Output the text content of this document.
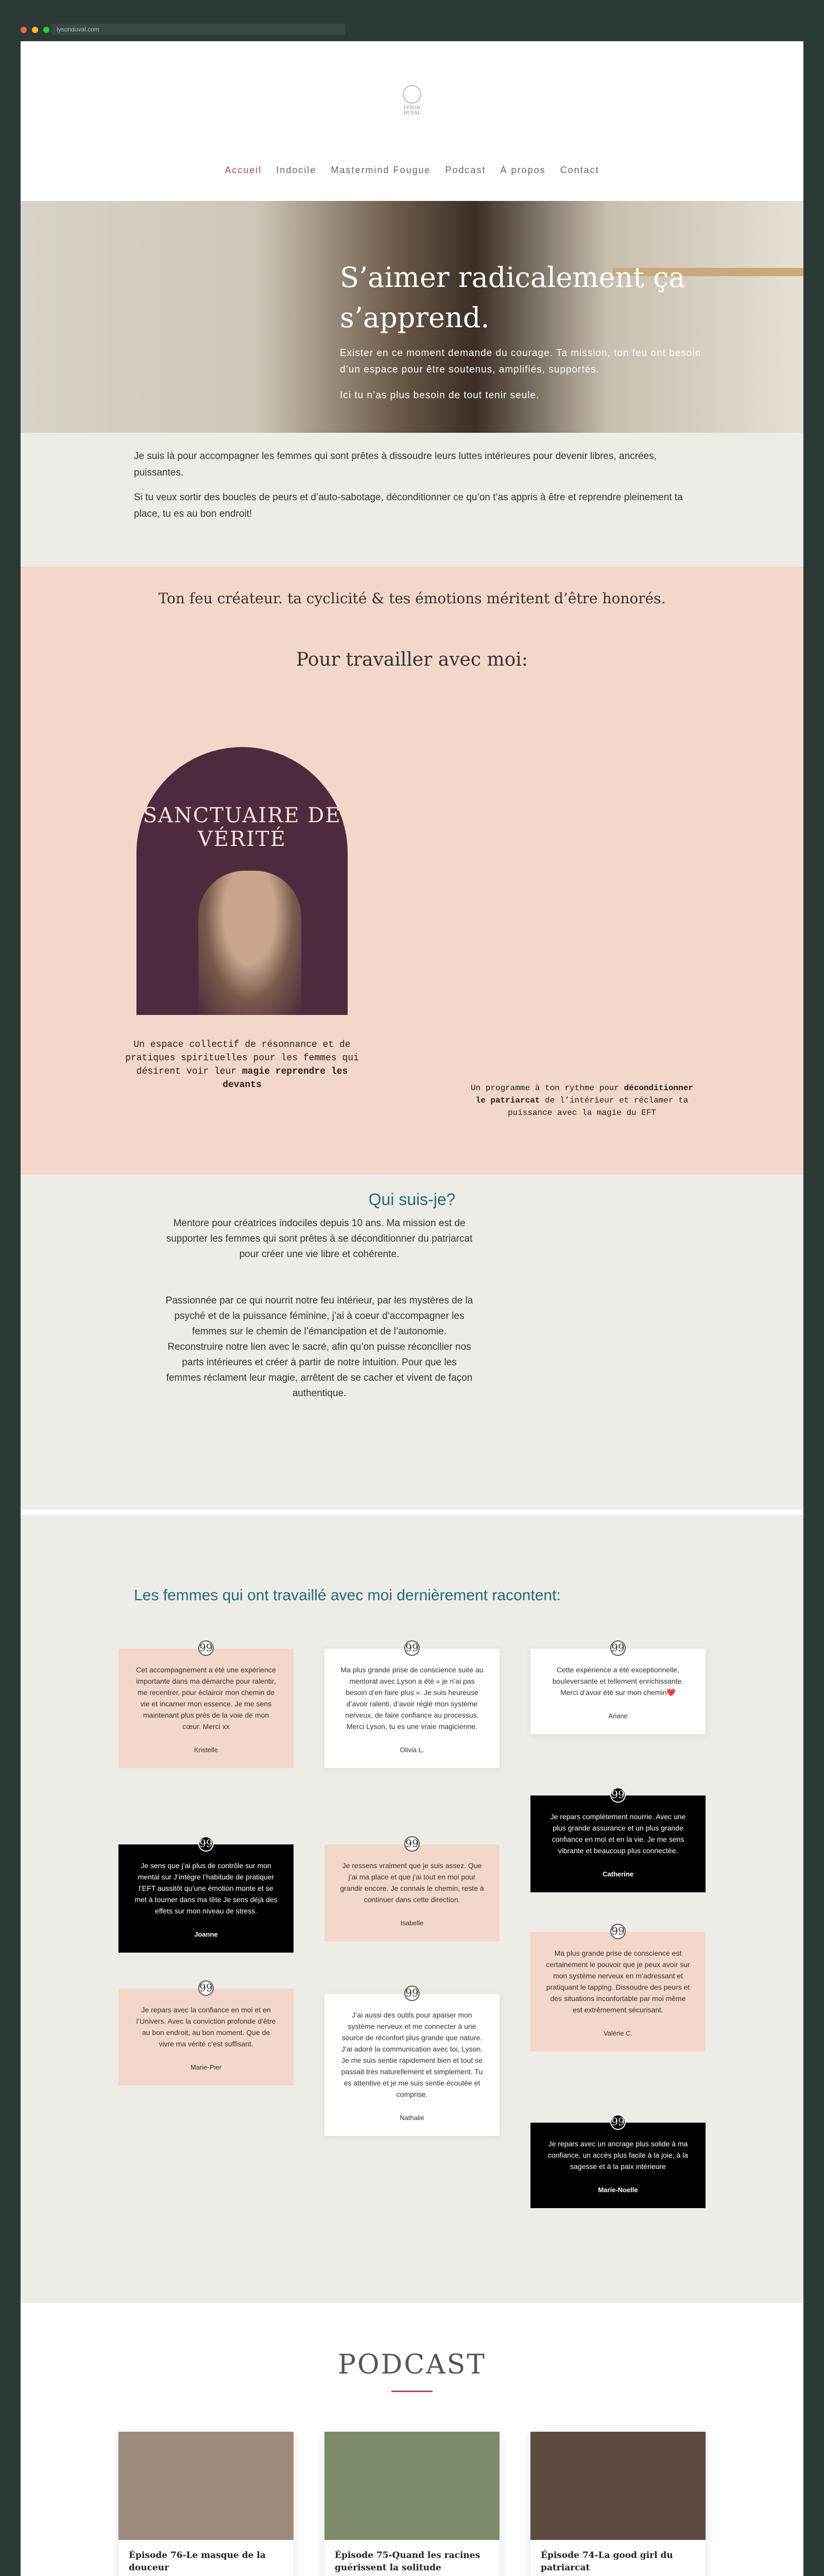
lysonduval.com
LYSON
DUVAL
Accueil Indocile Mastermind Fougue Podcast À propos Contact
S’aimer radicalement ça
s’apprend.

Exister en ce moment demande du courage. Ta mission, ton feu ont besoin d’un espace pour être soutenus, amplifiés, supportés.

Ici tu n’as plus besoin de tout tenir seule.

Je suis là pour accompagner les femmes qui sont prêtes à dissoudre leurs luttes intérieures pour devenir libres, ancrées, puissantes.

Si tu veux sortir des boucles de peurs et d’auto-sabotage, déconditionner ce qu’on t’as appris à être et reprendre pleinement ta place, tu es au bon endroit!

Ton feu créateur. ta cyclicité & tes émotions méritent d’être honorés.
Pour travailler avec moi:
SANCTUAIRE DE VÉRITÉ
Un espace collectif de résonnance et de pratiques spirituelles pour les femmes qui désirent voir leur magie reprendre les devants	Un programme à ton rythme pour déconditionner le patriarcat de l’intérieur et réclamer ta puissance avec la magie du EFT
Qui suis-je?

Mentore pour créatrices indociles depuis 10 ans. Ma mission est de supporter les femmes qui sont prêtes à se déconditionner du patriarcat pour créer une vie libre et cohérente.

Passionnée par ce qui nourrit notre feu intérieur, par les mystères de la psyché et de la puissance féminine, j’ai à coeur d’accompagner les femmes sur le chemin de l’émancipation et de l’autonomie. Reconstruire notre lien avec le sacré, afin qu’on puisse réconcilier nos parts intérieures et créer à partir de notre intuition. Pour que les femmes réclament leur magie, arrêtent de se cacher et vivent de façon authentique.

Les femmes qui ont travaillé avec moi dernièrement racontent:
99
Cet accompagnement a été une expérience importante dans ma démarche pour ralentir, me recentrer, pour éclaircir mon chemin de vie et incarner mon essence. Je me sens maintenant plus près de la voie de mon cœur. Merci xx
Kristelle
99
Ma plus grande prise de conscience suite au mentorat avec Lyson a été « je n’ai pas besoin d’en faire plus ». Je suis heureuse d’avoir ralenti, d’avoir réglé mon système nerveux, de faire confiance au processus. Merci Lyson, tu es une vraie magicienne.
Olivia L.
99
Cette expérience a été exceptionnelle, bouleversante et tellement enrichissante. Merci d’avoir été sur mon chemin❤️
Ariane
99
Je sens que j’ai plus de contrôle sur mon mental sur J’intègre l’habitude de pratiquer l’EFT aussitôt qu’une émotion monte et se met à tourner dans ma tête Je sens déjà des effets sur mon niveau de stress.
Joanne
99
Je ressens vraiment que je suis assez. Que j’ai ma place et que j’ai tout en moi pour grandir encore. Je connais le chemin, reste à continuer dans cette direction.
Isabelle
99
Je repars complètement nourrie. Avec une plus grande assurance et un plus grande confiance en moi et en la vie. Je me sens vibrante et beaucoup plus connectée.
Catherine
99
Je repars avec la confiance en moi et en l’Univers. Avec la conviction profonde d’être au bon endroit, au bon moment. Que de vivre ma vérité c’est suffisant.
Marie-Pier
99
J’ai aussi des outils pour apaiser mon système nerveux et me connecter à une source de réconfort plus grande que nature. J’ai adoré la communication avec toi, Lyson. Je me suis sentie rapidement bien et tout se passait très naturellement et simplement. Tu es attentive et je me suis sentie écoutée et comprise.
Nathalie
99
Ma plus grande prise de conscience est certainement le pouvoir que je peux avoir sur mon système nerveux en m’adressant et pratiquant le tapping. Dissoudre des peurs et des situations inconfortable par moi même est extrêmement sécurisant.
Valérie C.
99
Je repars avec un ancrage plus solide à ma confiance, un accès plus facile à la joie, à la sagesse et à la paix intérieure
Marie-Noelle
PODCAST
Épisode 76-Le masque de la douceur
Épisode 75-Quand les racines guérissent la solitude
Épisode 74-La good girl du patriarcat
